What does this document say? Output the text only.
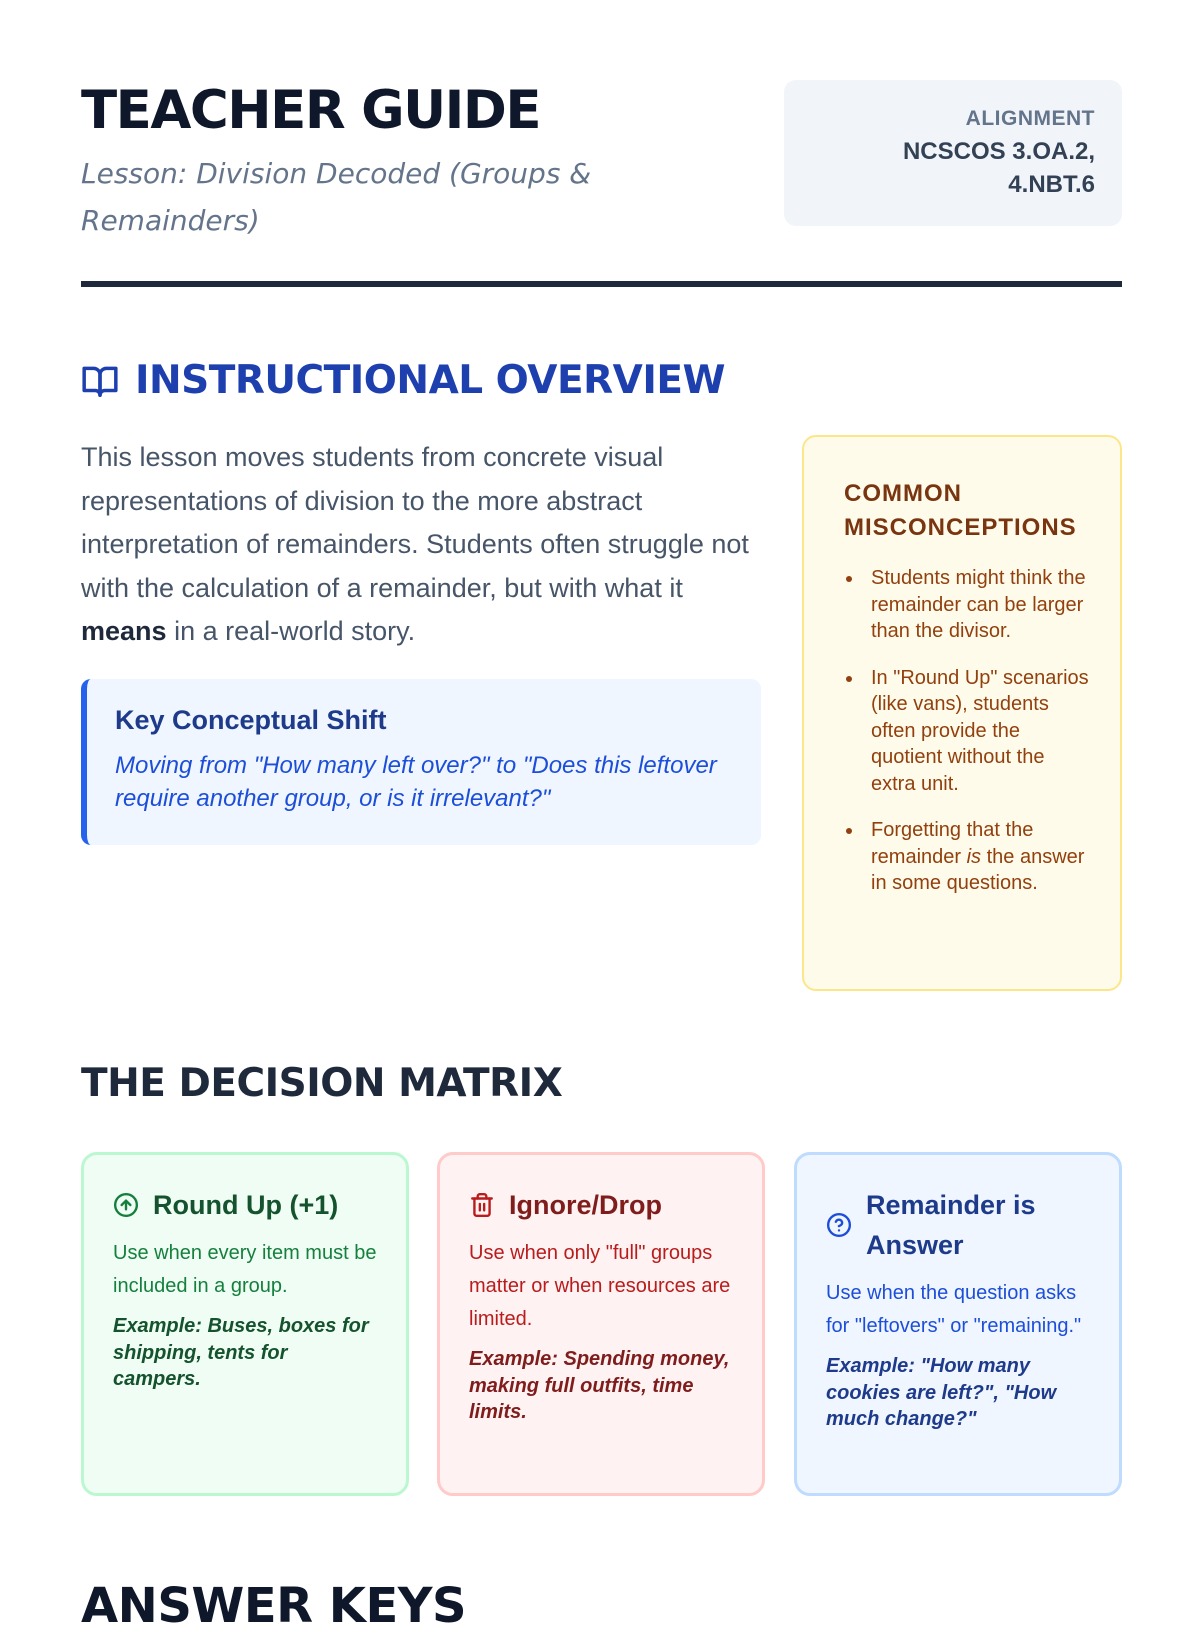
TEACHER GUIDE

Lesson: Division Decoded (Groups & Remainders)

ALIGNMENT
NCSCOS 3.OA.2,
4.NBT.6
INSTRUCTIONAL OVERVIEW

This lesson moves students from concrete visual representations of division to the more abstract interpretation of remainders. Students often struggle not with the calculation of a remainder, but with what it means in a real-world story.

Key Conceptual Shift
Moving from "How many left over?" to "Does this leftover require another group, or is it irrelevant?"
COMMON MISCONCEPTIONS
Students might think the remainder can be larger than the divisor.
In "Round Up" scenarios (like vans), students often provide the quotient without the extra unit.
Forgetting that the remainder is the answer in some questions.
THE DECISION MATRIX
Round Up (+1)
Use when every item must be included in a group.
Example: Buses, boxes for shipping, tents for campers.
Ignore/Drop
Use when only "full" groups matter or when resources are limited.
Example: Spending money, making full outfits, time limits.
Remainder is Answer
Use when the question asks for "leftovers" or "remaining."
Example: "How many cookies are left?", "How much change?"
ANSWER KEYS
